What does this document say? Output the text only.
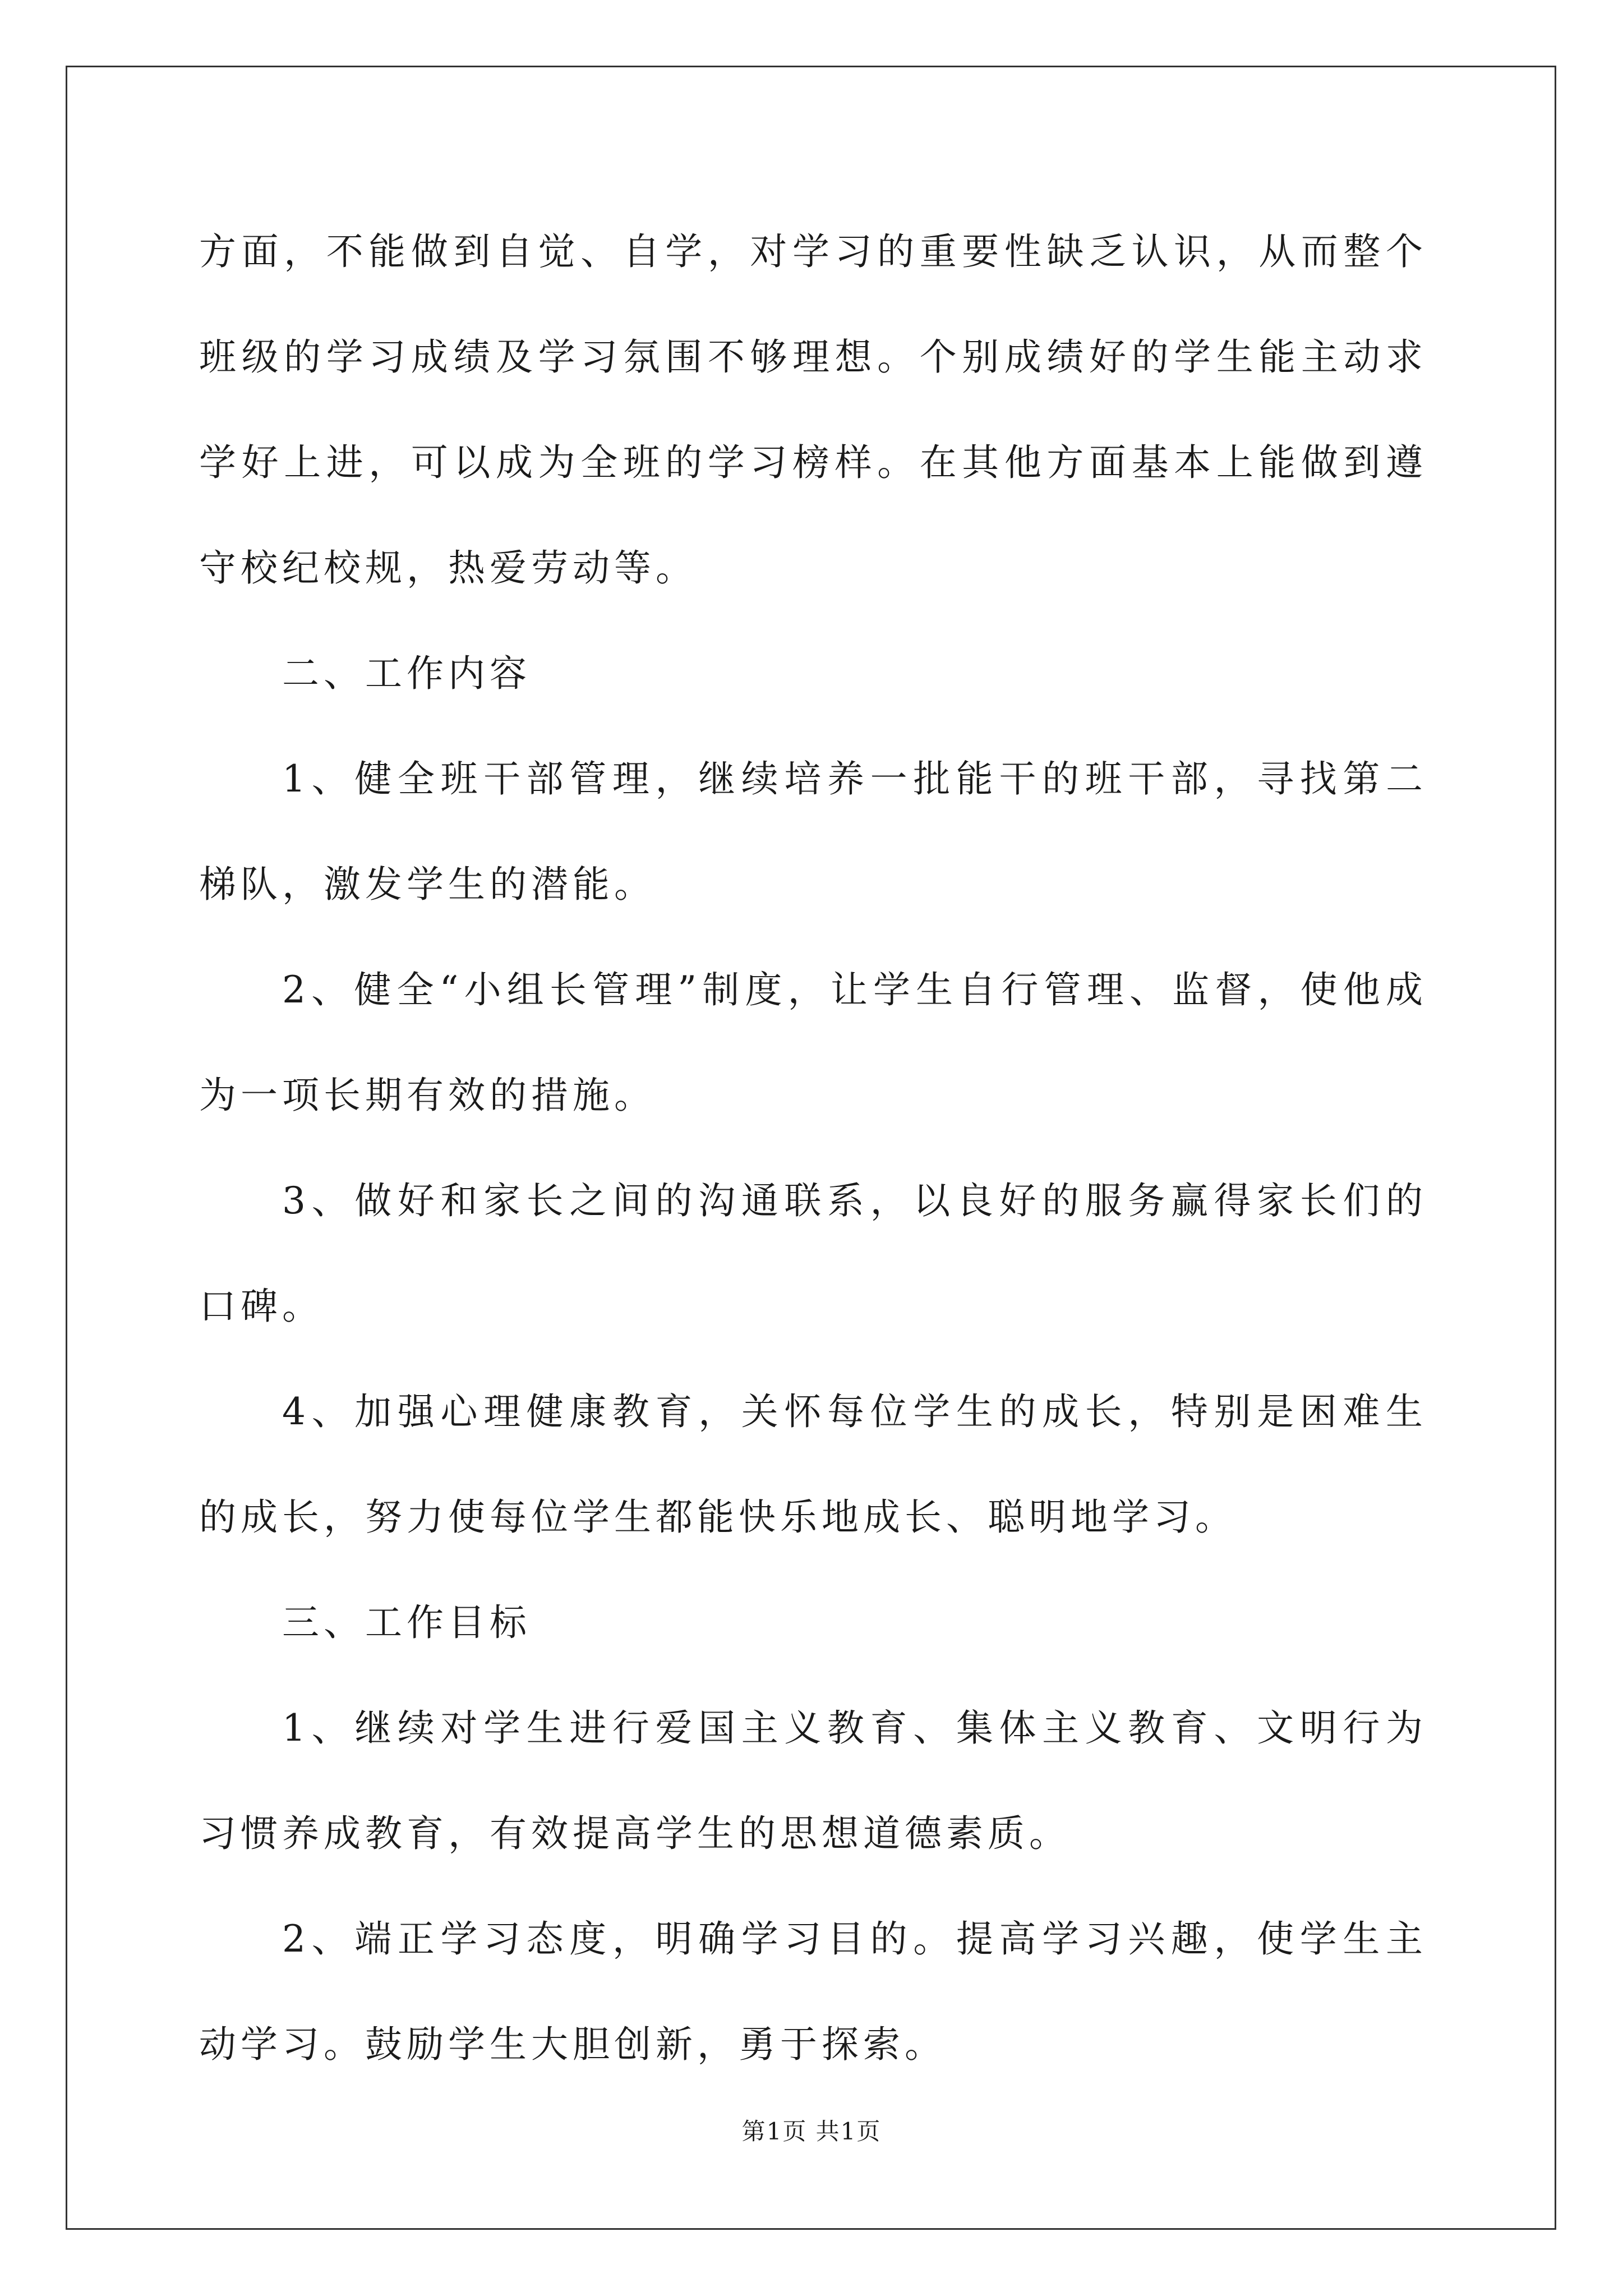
方面，不能做到自觉、自学，对学习的重要性缺乏认识，从而整个班级的学习成绩及学习氛围不够理想。个别成绩好的学生能主动求学好上进，可以成为全班的学习榜样。在其他方面基本上能做到遵守校纪校规，热爱劳动等。

二、工作内容

1、健全班干部管理，继续培养一批能干的班干部，寻找第二梯队，激发学生的潜能。

2、健全“小组长管理”制度，让学生自行管理、监督，使他成为一项长期有效的措施。

3、做好和家长之间的沟通联系，以良好的服务赢得家长们的口碑。

4、加强心理健康教育，关怀每位学生的成长，特别是困难生的成长，努力使每位学生都能快乐地成长、聪明地学习。

三、工作目标

1、继续对学生进行爱国主义教育、集体主义教育、文明行为习惯养成教育，有效提高学生的思想道德素质。

2、端正学习态度，明确学习目的。提高学习兴趣，使学生主动学习。鼓励学生大胆创新，勇于探索。

第1页 共1页
